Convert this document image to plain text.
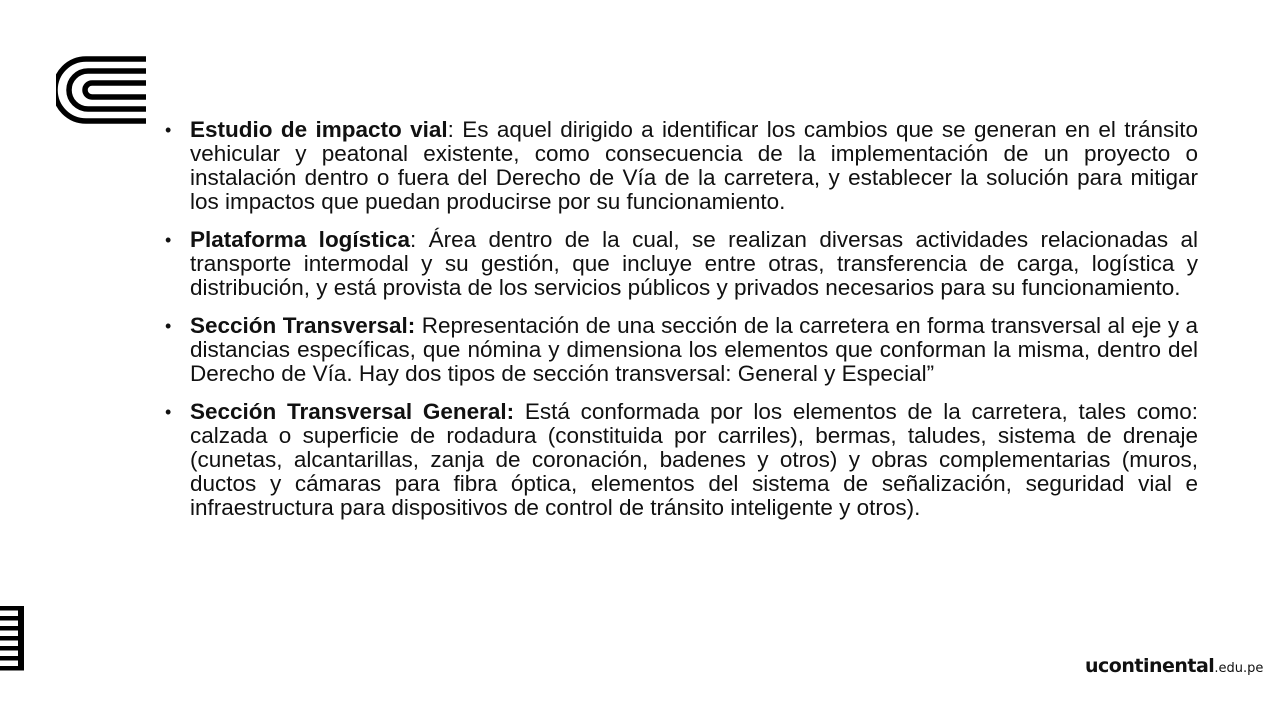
• Estudio de impacto vial: Es aquel dirigido a identificar los cambios que se generan en el tránsito vehicular y peatonal existente, como consecuencia de la implementación de un proyecto o instalación dentro o fuera del Derecho de Vía de la carretera, y establecer la solución para mitigar los impactos que puedan producirse por su funcionamiento.
• Plataforma logística: Área dentro de la cual, se realizan diversas actividades relacionadas al transporte intermodal y su gestión, que incluye entre otras, transferencia de carga, logística y distribución, y está provista de los servicios públicos y privados necesarios para su funcionamiento.
• Sección Transversal: Representación de una sección de la carretera en forma transversal al eje y a distancias específicas, que nómina y dimensiona los elementos que conforman la misma, dentro del Derecho de Vía. Hay dos tipos de sección transversal: General y Especial”
• Sección Transversal General: Está conformada por los elementos de la carretera, tales como: calzada o superficie de rodadura (constituida por carriles), bermas, taludes, sistema de drenaje (cunetas, alcantarillas, zanja de coronación, badenes y otros) y obras complementarias (muros, ductos y cámaras para fibra óptica, elementos del sistema de señalización, seguridad vial e infraestructura para dispositivos de control de tránsito inteligente y otros).
ucontinental.edu.pe
